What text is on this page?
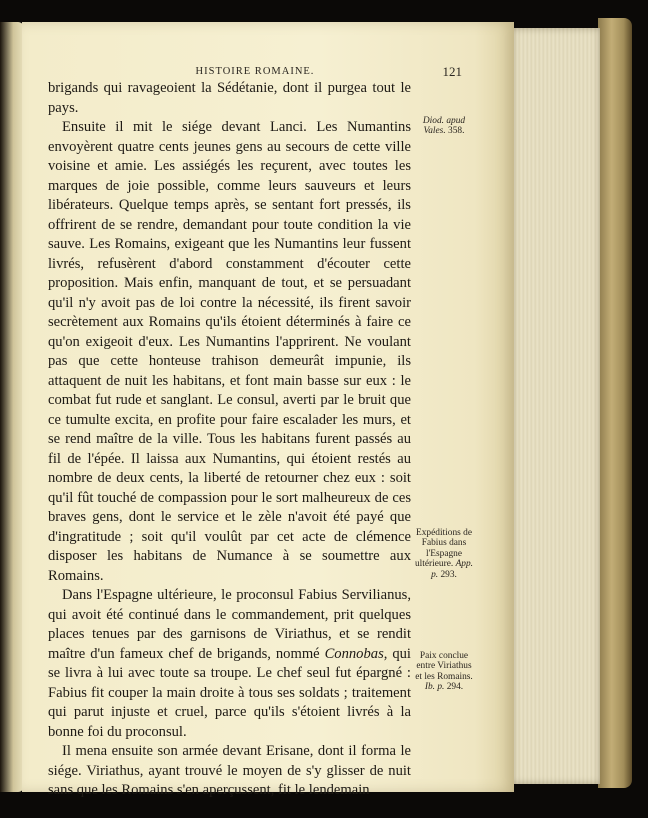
HISTOIRE ROMAINE.	121

brigands qui ravageoient la Sédétanie, dont il purgea tout le pays.

Ensuite il mit le siége devant Lanci. Les Numantins envoyèrent quatre cents jeunes gens au secours de cette ville voisine et amie. Les assiégés les reçurent, avec toutes les marques de joie possible, comme leurs sauveurs et leurs libérateurs. Quelque temps après, se sentant fort pressés, ils offrirent de se rendre, demandant pour toute condition la vie sauve. Les Romains, exigeant que les Numantins leur fussent livrés, refusèrent d'abord constamment d'écouter cette proposition. Mais enfin, manquant de tout, et se persuadant qu'il n'y avoit pas de loi contre la nécessité, ils firent savoir secrètement aux Romains qu'ils étoient déterminés à faire ce qu'on exigeoit d'eux. Les Numantins l'apprirent. Ne voulant pas que cette honteuse trahison demeurât impunie, ils attaquent de nuit les habitans, et font main basse sur eux : le combat fut rude et sanglant. Le consul, averti par le bruit que ce tumulte excita, en profite pour faire escalader les murs, et se rend maître de la ville. Tous les habitans furent passés au fil de l'épée. Il laissa aux Numantins, qui étoient restés au nombre de deux cents, la liberté de retourner chez eux : soit qu'il fût touché de compassion pour le sort malheureux de ces braves gens, dont le service et le zèle n'avoit été payé que d'ingratitude ; soit qu'il voulût par cet acte de clémence disposer les habitans de Numance à se soumettre aux Romains.

Dans l'Espagne ultérieure, le proconsul Fabius Servilianus, qui avoit été continué dans le commandement, prit quelques places tenues par des garnisons de Viriathus, et se rendit maître d'un fameux chef de brigands, nommé Connobas, qui se livra à lui avec toute sa troupe. Le chef seul fut épargné : Fabius fit couper la main droite à tous ses soldats ; traitement qui parut injuste et cruel, parce qu'ils s'étoient livrés à la bonne foi du proconsul.

Il mena ensuite son armée devant Erisane, dont il forma le siége. Viriathus, ayant trouvé le moyen de s'y glisser de nuit sans que les Romains s'en aperçussent, fit le lendemain

Diod. apud Vales. 358.
Expéditions de Fabius dans l'Espagne ultérieure. App. p. 293.
Paix conclue entre Viriathus et les Romains. Ib. p. 294.
